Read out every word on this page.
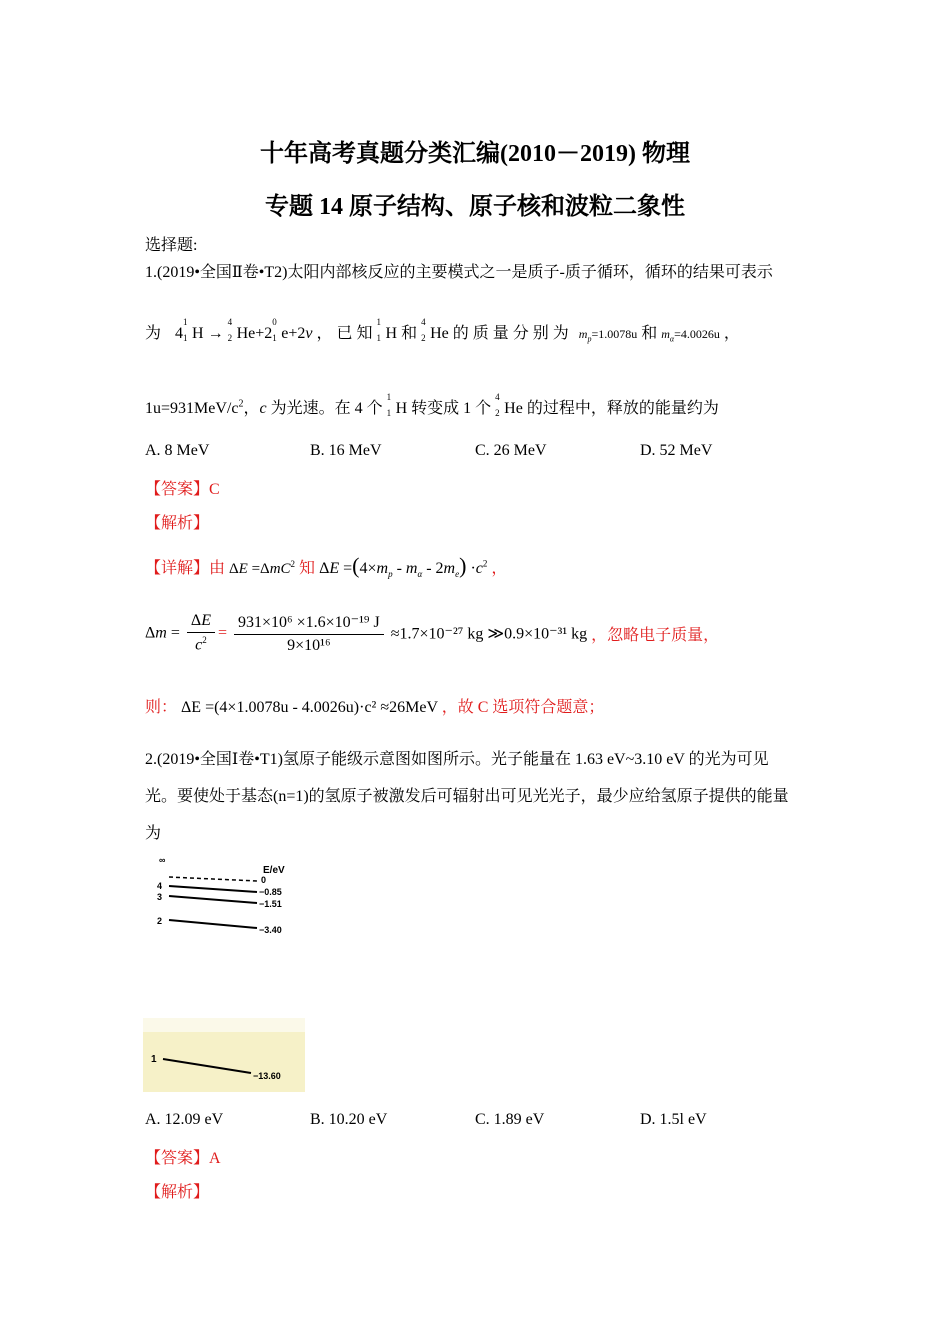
十年高考真题分类汇编(2010－2019) 物理
专题 14 原子结构、原子核和波粒二象性
选择题:
1.(2019•全国Ⅱ卷•T2)太阳内部核反应的主要模式之一是质子-质子循环，循环的结果可表示
为 4
1
1 H →
4
2 He+2
0
1 e+2ν ， 已 知
1
1 H 和
4
2 He 的 质 量 分 别 为 $m_p=1.0078u$ 和 $m_\alpha=4.0026u$ ，
$1u=931MeV/c^2$，c 为光速。在 4 个
1
1 H 转变成 1 个
4
2 He 的过程中，释放的能量约为
A. 8 MeV	B. 16 MeV	C. 26 MeV	D. 52 MeV
【答案】C
【解析】
【详解】由 ΔE =ΔmC$^2$ 知 $\Delta E =(4\times m_p - m_\alpha - 2m_e) \cdot c^2$ ，
$\Delta m = \frac{\Delta E}{c^2} = \frac{\text{931×10⁶ ×1.6×10⁻¹⁹ J}}{\text{9×10¹⁶}} \approx 1.7\times 10^{-27}$ kg ≫0.9×10⁻³¹ kg ，忽略电子质量，
则： ΔE =(4×1.0078u - 4.0026u)·c² ≈26MeV ，故 C 选项符合题意；
2.(2019•全国Ⅰ卷•T1)氢原子能级示意图如图所示。光子能量在 1.63 eV~3.10 eV 的光为可见
光。要使处于基态(n=1)的氢原子被激发后可辐射出可见光光子，最少应给氢原子提供的能量
为
E/eV
∞
0
4
−0.85
3
−1.51
2
−3.40
1
−13.60
A. 12.09 eV	B. 10.20 eV	C. 1.89 eV	D. 1.5l eV
【答案】A
【解析】
